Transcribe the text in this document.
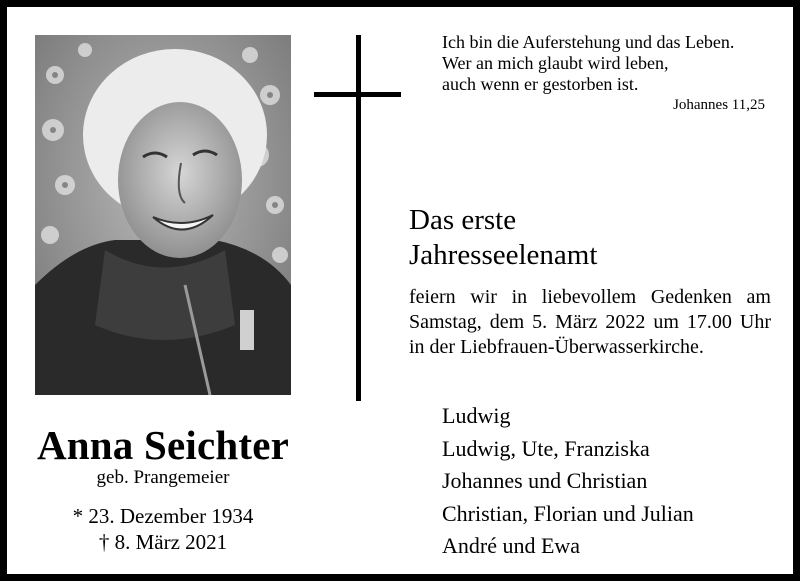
Anna Seichter
geb. Prangemeier
* 23. Dezember 1934
† 8. März 2021
Ich bin die Auferstehung und das Leben.
Wer an mich glaubt wird leben,
auch wenn er gestorben ist.
Johannes 11,25
Das erste
Jahresseelenamt
feiern wir in liebevollem Gedenken am
Samstag, dem 5. März 2022 um 17.00 Uhr
in der Liebfrauen-Überwasserkirche.
Ludwig
Ludwig, Ute, Franziska
Johannes und Christian
Christian, Florian und Julian
André und Ewa
